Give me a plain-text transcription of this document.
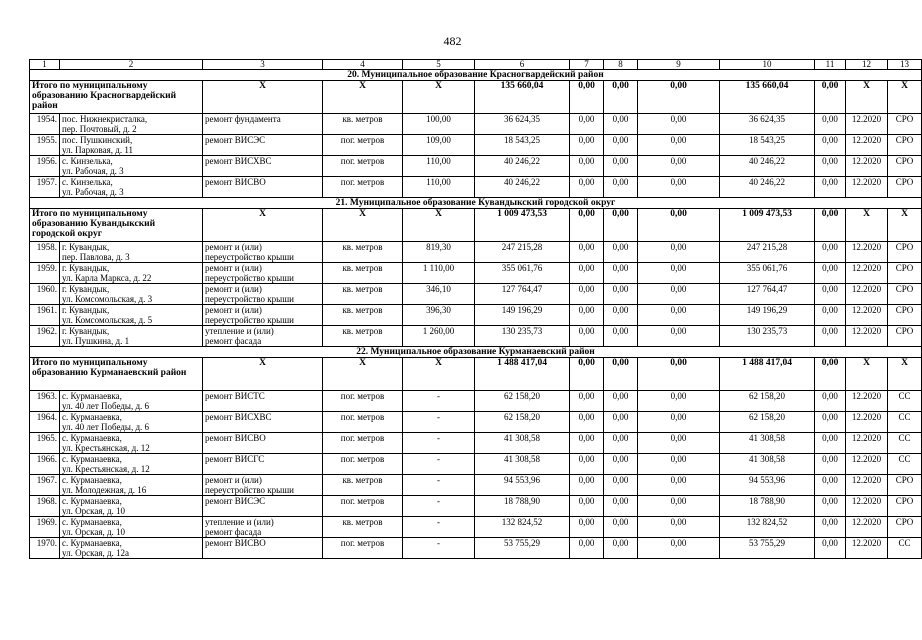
482
1	2	3	4	5	6	7	8	9	10	11	12	13
20. Муниципальное образование Красногвардейский район												
Итого по муниципальному
образованию Красногвардейский
район		Х	Х	Х	135 660,04	0,00	0,00	0,00	135 660,04	0,00	Х	Х
1954.	пос. Нижнекристалка,
пер. Почтовый, д. 2	ремонт фундамента	кв. метров	100,00	36 624,35	0,00	0,00	0,00	36 624,35	0,00	12.2020	СРО
1955.	пос. Пушкинский,
ул. Парковая, д. 11	ремонт ВИСЭС	пог. метров	109,00	18 543,25	0,00	0,00	0,00	18 543,25	0,00	12.2020	СРО
1956.	с. Кинзелька,
ул. Рабочая, д. 3	ремонт ВИСХВС	пог. метров	110,00	40 246,22	0,00	0,00	0,00	40 246,22	0,00	12.2020	СРО
1957.	с. Кинзелька,
ул. Рабочая, д. 3	ремонт ВИСВО	пог. метров	110,00	40 246,22	0,00	0,00	0,00	40 246,22	0,00	12.2020	СРО
21. Муниципальное образование Кувандыкский городской округ												
Итого по муниципальному
образованию Кувандыкский
городской округ		Х	Х	Х	1 009 473,53	0,00	0,00	0,00	1 009 473,53	0,00	Х	Х
1958.	г. Кувандык,
пер. Павлова, д. 3	ремонт и (или)
переустройство крыши	кв. метров	819,30	247 215,28	0,00	0,00	0,00	247 215,28	0,00	12.2020	СРО
1959.	г. Кувандык,
ул. Карла Маркса, д. 22	ремонт и (или)
переустройство крыши	кв. метров	1 110,00	355 061,76	0,00	0,00	0,00	355 061,76	0,00	12.2020	СРО
1960.	г. Кувандык,
ул. Комсомольская, д. 3	ремонт и (или)
переустройство крыши	кв. метров	346,10	127 764,47	0,00	0,00	0,00	127 764,47	0,00	12.2020	СРО
1961.	г. Кувандык,
ул. Комсомольская, д. 5	ремонт и (или)
переустройство крыши	кв. метров	396,30	149 196,29	0,00	0,00	0,00	149 196,29	0,00	12.2020	СРО
1962.	г. Кувандык,
ул. Пушкина, д. 1	утепление и (или)
ремонт фасада	кв. метров	1 260,00	130 235,73	0,00	0,00	0,00	130 235,73	0,00	12.2020	СРО
22. Муниципальное образование Курманаевский район												
Итого по муниципальному
образованию Курманаевский район		Х	Х	Х	1 488 417,04	0,00	0,00	0,00	1 488 417,04	0,00	Х	Х
1963.	с. Курманаевка,
ул. 40 лет Победы, д. 6	ремонт ВИСТС	пог. метров	-	62 158,20	0,00	0,00	0,00	62 158,20	0,00	12.2020	СС
1964.	с. Курманаевка,
ул. 40 лет Победы, д. 6	ремонт ВИСХВС	пог. метров	-	62 158,20	0,00	0,00	0,00	62 158,20	0,00	12.2020	СС
1965.	с. Курманаевка,
ул. Крестьянская, д. 12	ремонт ВИСВО	пог. метров	-	41 308,58	0,00	0,00	0,00	41 308,58	0,00	12.2020	СС
1966.	с. Курманаевка,
ул. Крестьянская, д. 12	ремонт ВИСГС	пог. метров	-	41 308,58	0,00	0,00	0,00	41 308,58	0,00	12.2020	СС
1967.	с. Курманаевка,
ул. Молодежная, д. 16	ремонт и (или)
переустройство крыши	кв. метров	-	94 553,96	0,00	0,00	0,00	94 553,96	0,00	12.2020	СРО
1968.	с. Курманаевка,
ул. Орская, д. 10	ремонт ВИСЭС	пог. метров	-	18 788,90	0,00	0,00	0,00	18 788,90	0,00	12.2020	СРО
1969.	с. Курманаевка,
ул. Орская, д. 10	утепление и (или)
ремонт фасада	кв. метров	-	132 824,52	0,00	0,00	0,00	132 824,52	0,00	12.2020	СРО
1970.	с. Курманаевка,
ул. Орская, д. 12а	ремонт ВИСВО	пог. метров	-	53 755,29	0,00	0,00	0,00	53 755,29	0,00	12.2020	СС
